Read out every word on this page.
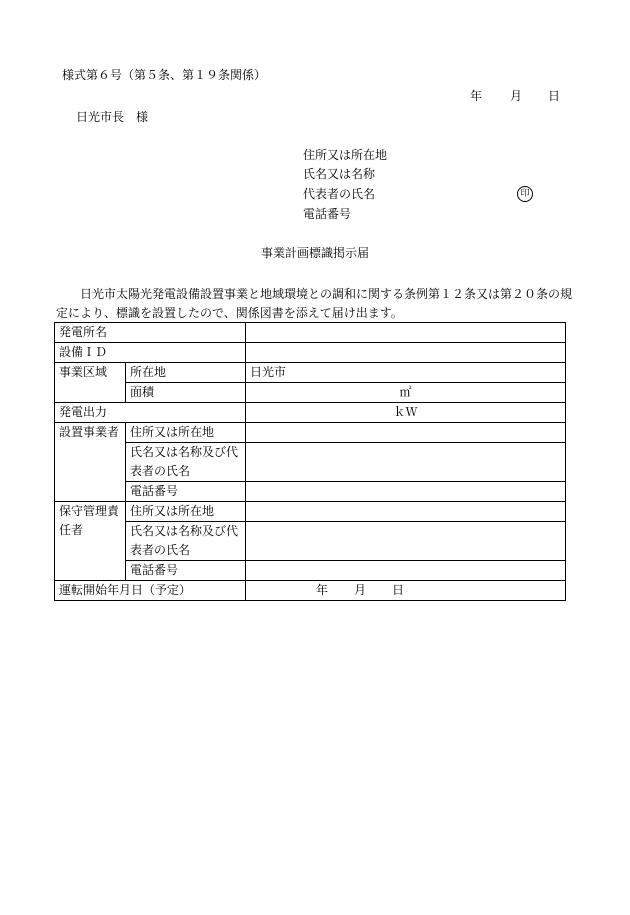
様式第６号（第５条、第１９条関係）
年 月 日
日光市長　様
住所又は所在地
氏名又は名称
代表者の氏名	印
電話番号
事業計画標識掲示届
日光市太陽光発電設備設置事業と地域環境との調和に関する条例第１２条又は第２０条の規定により、標識を設置したので、関係図書を添えて届け出ます。

発電所名		
設備ＩＤ		
事業区域	所在地	日光市
	面積	㎡
発電出力		ｋＷ
設置事業者	住所又は所在地	
	氏名又は名称及び代	
	表者の氏名	
	電話番号	

保守管理責
任者	住所又は所在地	
	氏名又は名称及び代	
	表者の氏名	
	電話番号	
運転開始年月日（予定）		年 月 日
